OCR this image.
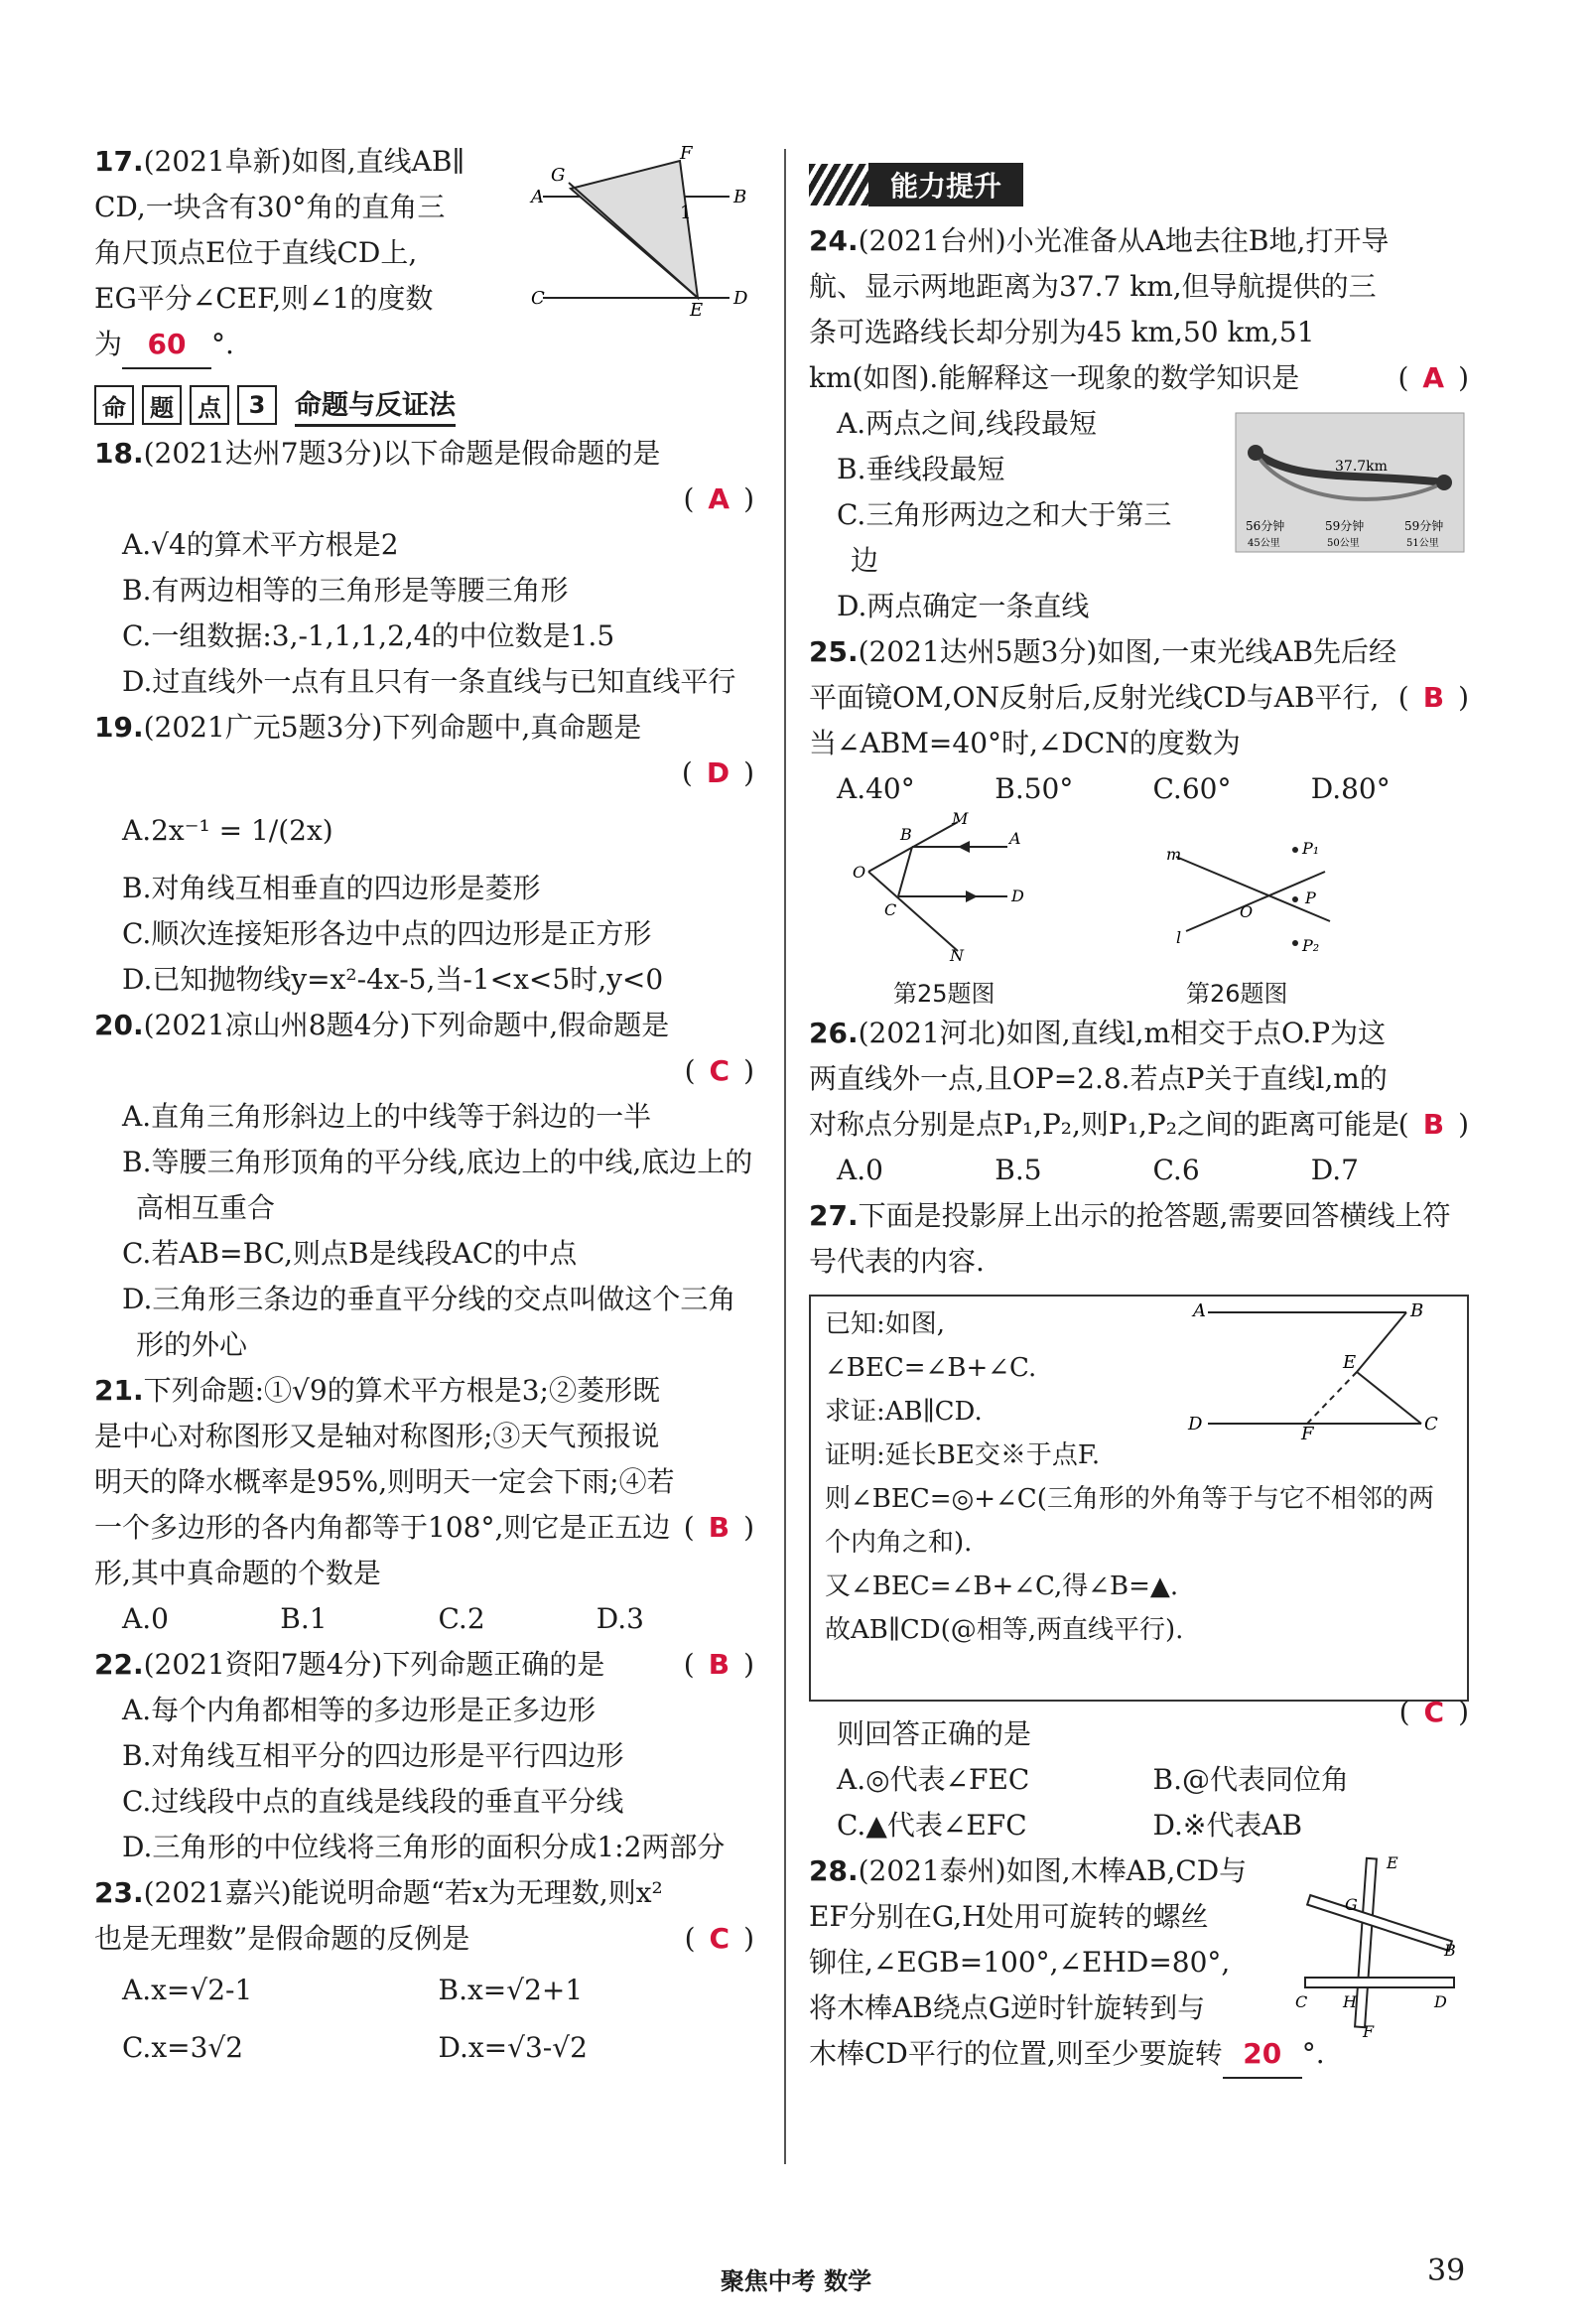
17.(2021阜新)如图,直线AB∥
CD,一块含有30°角的直角三
角尺顶点E位于直线CD上,
EG平分∠CEF,则∠1的度数
为 60 °.
A	B
C	D
G
F
E
1
命	题	点	3	命题与反证法
18.(2021达州7题3分)以下命题是假命题的是
( A )
A.√4的算术平方根是2
B.有两边相等的三角形是等腰三角形
C.一组数据:3,-1,1,1,2,4的中位数是1.5
D.过直线外一点有且只有一条直线与已知直线平行
19.(2021广元5题3分)下列命题中,真命题是
( D )
A.2x⁻¹ = 1/(2x)
B.对角线互相垂直的四边形是菱形
C.顺次连接矩形各边中点的四边形是正方形
D.已知抛物线y=x²-4x-5,当-1<x<5时,y<0
20.(2021凉山州8题4分)下列命题中,假命题是
( C )
A.直角三角形斜边上的中线等于斜边的一半
B.等腰三角形顶角的平分线,底边上的中线,底边上的高相互重合
C.若AB=BC,则点B是线段AC的中点
D.三角形三条边的垂直平分线的交点叫做这个三角形的外心
21.下列命题:①√9的算术平方根是3;②菱形既是中心对称图形又是轴对称图形;③天气预报说明天的降水概率是95%,则明天一定会下雨;④若一个多边形的各内角都等于108°,则它是正五边形,其中真命题的个数是
( B )
A.0	B.1	C.2	D.3
22.(2021资阳7题4分)下列命题正确的是	( B )
A.每个内角都相等的多边形是正多边形
B.对角线互相平分的四边形是平行四边形
C.过线段中点的直线是线段的垂直平分线
D.三角形的中位线将三角形的面积分成1:2两部分
23.(2021嘉兴)能说明命题“若x为无理数,则x²也是无理数”是假命题的反例是	( C )
A.x=√2-1	B.x=√2+1
C.x=3√2	D.x=√3-√2
能力提升
24.(2021台州)小光准备从A地去往B地,打开导航、显示两地距离为37.7 km,但导航提供的三条可选路线长却分别为45 km,50 km,51 km(如图).能解释这一现象的数学知识是	( A )
A.两点之间,线段最短
B.垂线段最短
C.三角形两边之和大于第三边
D.两点确定一条直线
37.7km
56分钟	59分钟	59分钟
45公里	50公里	51公里
25.(2021达州5题3分)如图,一束光线AB先后经平面镜OM,ON反射后,反射光线CD与AB平行,当∠ABM=40°时,∠DCN的度数为
( B )
A.40°	B.50°	C.60°	D.80°
M
A
B
O
C
D
N
第25题图
m
l
O
P₁
P
P₂
第26题图
26.(2021河北)如图,直线l,m相交于点O.P为这两直线外一点,且OP=2.8.若点P关于直线l,m的对称点分别是点P₁,P₂,则P₁,P₂之间的距离可能是
( B )
A.0	B.5	C.6	D.7
27.下面是投影屏上出示的抢答题,需要回答横线上符号代表的内容.
已知:如图,
∠BEC=∠B+∠C.
求证:AB∥CD.
证明:延长BE交※于点F.
则∠BEC=◎+∠C(三角形的外角等于与它不相邻的两个内角之和).
又∠BEC=∠B+∠C,得∠B=▲.
故AB∥CD(@相等,两直线平行).
A	B
E
D	F	C
则回答正确的是
( C )
A.◎代表∠FEC	B.@代表同位角
C.▲代表∠EFC	D.※代表AB
28.(2021泰州)如图,木棒AB,CD与
EF分别在G,H处用可旋转的螺丝
铆住,∠EGB=100°,∠EHD=80°,
将木棒AB绕点G逆时针旋转到与
木棒CD平行的位置,则至少要旋转 20 °.
E
G
B
C H	D
F
聚焦中考 数学	39
